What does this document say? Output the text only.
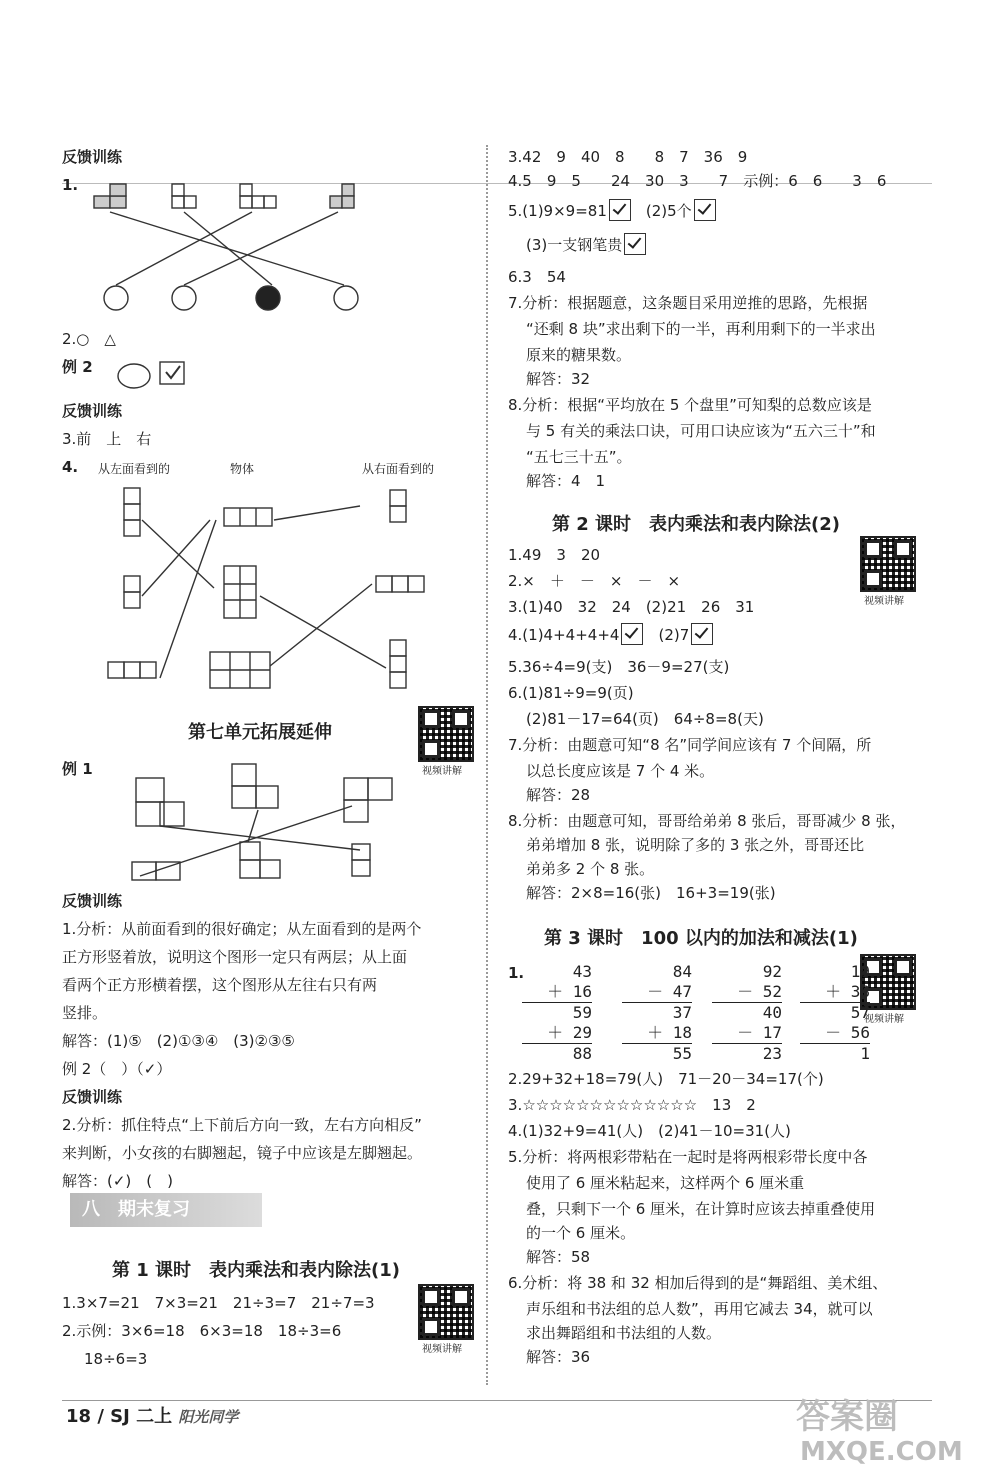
反馈训练
1.
2.○　△
例 2
反馈训练
3.前　上　右
4. 从左面看到的	物体	从右面看到的
第七单元拓展延伸
例 1
反馈训练
1.分析：从前面看到的很好确定；从左面看到的是两个
正方形竖着放，说明这个图形一定只有两层；从上面
看两个正方形横着摆，这个图形从左往右只有两
竖排。
解答：(1)⑤　(2)①③④　(3)②③⑤
例 2（　）（✓）
反馈训练
2.分析：抓住特点“上下前后方向一致，左右方向相反”
来判断，小女孩的右脚翘起，镜子中应该是左脚翘起。
解答：(✓)　(　)
第 1 课时　表内乘法和表内除法(1)
1.3×7=21　7×3=21　21÷3=7　21÷7=3
2.示例：3×6=18　6×3=18　18÷3=6
18÷6=3
八　期末复习
视频讲解
视频讲解
视频讲解
视频讲解
3.42　9　40　8　　8　7　36　9
4.5　9　5　　24　30　3　　7　示例：6　6　　3　6
5.(1)9×9=81　	(2)5个
(3)一支钢笔贵
6.3　54
7.分析：根据题意，这条题目采用逆推的思路，先根据
“还剩 8 块”求出剩下的一半，再利用剩下的一半求出
原来的糖果数。
解答：32
8.分析：根据“平均放在 5 个盘里”可知梨的总数应该是
与 5 有关的乘法口诀，可用口诀应该为“五六三十”和
“五七三十五”。
解答：4　1
第 2 课时　表内乘法和表内除法(2)
1.49　3　20
2.×　＋　－　×　－　×
3.(1)40　32　24　(2)21　26　31
4.(1)4+4+4+4　	(2)7
5.36÷4=9(支)　36－9=27(支)
6.(1)81÷9=9(页)
(2)81－17=64(页)　64÷8=8(天)
7.分析：由题意可知“8 名”同学间应该有 7 个间隔，所
以总长度应该是 7 个 4 米。
解答：28
8.分析：由题意可知，哥哥给弟弟 8 张后，哥哥减少 8 张，
弟弟增加 8 张，说明除了多的 3 张之外，哥哥还比
弟弟多 2 个 8 张。
解答：2×8=16(张)　16+3=19(张)
第 3 课时　100 以内的加法和减法(1)
1.	43
＋ 16
59
＋ 29
88
84
－ 47
37
＋ 18
55
92
－ 52
40
－ 17
23
19
＋ 38
57
－ 56
1
2.29+32+18=79(人)　71－20－34=17(个)
3.☆☆☆☆☆☆☆☆☆☆☆☆☆　 13　2
4.(1)32+9=41(人)　(2)41－10=31(人)
5.分析：将两根彩带粘在一起时是将两根彩带长度中各
使用了 6 厘米粘起来，这样两个 6 厘米重
叠，只剩下一个 6 厘米，在计算时应该去掉重叠使用
的一个 6 厘米。
解答：58
6.分析：将 38 和 32 相加后得到的是“舞蹈组、美术组、
声乐组和书法组的总人数”，再用它减去 34，就可以
求出舞蹈组和书法组的人数。
解答：36
18 / SJ 二上 阳光同学	答案圈
MXQE.COM
